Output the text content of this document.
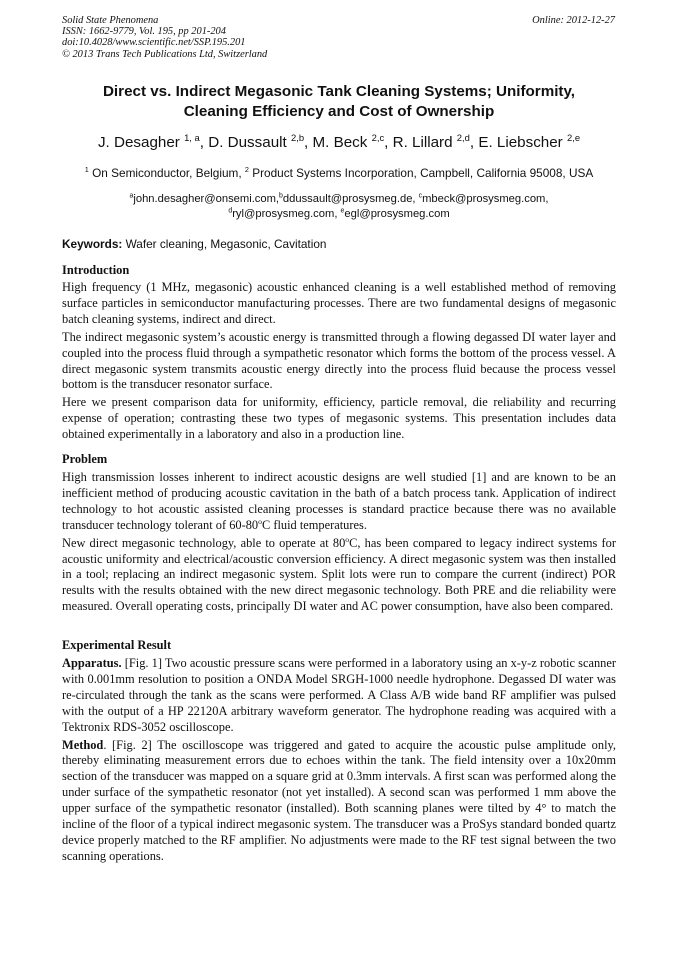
Solid State Phenomena
ISSN: 1662-9779, Vol. 195, pp 201-204
doi:10.4028/www.scientific.net/SSP.195.201
© 2013 Trans Tech Publications Ltd, Switzerland
Online: 2012-12-27
Direct vs. Indirect Megasonic Tank Cleaning Systems; Uniformity,
Cleaning Efficiency and Cost of Ownership
J. Desagher $^{1, a}$, D. Dussault $^{2,b}$, M. Beck $^{2,c}$, R. Lillard $^{2,d}$, E. Liebscher $^{2,e}$
$^1$ On Semiconductor, Belgium, $^2$ Product Systems Incorporation, Campbell, California 95008, USA
$^a$john.desagher@onsemi.com,$^b$ddussault@prosysmeg.de, $^c$mbeck@prosysmeg.com,
$^d$ryl@prosysmeg.com, $^e$egl@prosysmeg.com
Keywords: Wafer cleaning, Megasonic, Cavitation
Introduction

High frequency (1 MHz, megasonic) acoustic enhanced cleaning is a well established method of removing surface particles in semiconductor manufacturing processes. There are two fundamental designs of megasonic batch cleaning systems, indirect and direct.

The indirect megasonic system’s acoustic energy is transmitted through a flowing degassed DI water layer and coupled into the process fluid through a sympathetic resonator which forms the bottom of the process vessel. A direct megasonic system transmits acoustic energy directly into the process fluid because the process vessel bottom is the transducer resonator surface.

Here we present comparison data for uniformity, efficiency, particle removal, die reliability and recurring expense of operation; contrasting these two types of megasonic systems. This presentation includes data obtained experimentally in a laboratory and also in a production line.

Problem

High transmission losses inherent to indirect acoustic designs are well studied [1] and are known to be an inefficient method of producing acoustic cavitation in the bath of a batch process tank. Application of indirect technology to hot acoustic assisted cleaning processes is standard practice because there was no available transducer technology tolerant of 60-80$^o$C fluid temperatures.

New direct megasonic technology, able to operate at 80$^o$C, has been compared to legacy indirect systems for acoustic uniformity and electrical/acoustic conversion efficiency. A direct megasonic system was then installed in a tool; replacing an indirect megasonic system. Split lots were run to compare the current (indirect) POR results with the results obtained with the new direct megasonic technology. Both PRE and die reliability were measured. Overall operating costs, principally DI water and AC power consumption, have also been compared.

Experimental Result

Apparatus. [Fig. 1] Two acoustic pressure scans were performed in a laboratory using an x-y-z robotic scanner with 0.001mm resolution to position a ONDA Model SRGH-1000 needle hydrophone. Degassed DI water was re-circulated through the tank as the scans were performed. A Class A/B wide band RF amplifier was pulsed with the output of a HP 22120A arbitrary waveform generator. The hydrophone reading was acquired with a Tektronix RDS-3052 oscilloscope.

Method. [Fig. 2] The oscilloscope was triggered and gated to acquire the acoustic pulse amplitude only, thereby eliminating measurement errors due to echoes within the tank. The field intensity over a 10x20mm section of the transducer was mapped on a square grid at 0.3mm intervals. A first scan was performed along the under surface of the sympathetic resonator (not yet installed). A second scan was performed 1 mm above the upper surface of the sympathetic resonator (installed). Both scanning planes were tilted by 4° to match the incline of the floor of a typical indirect megasonic system. The transducer was a ProSys standard bonded quartz device properly matched to the RF amplifier. No adjustments were made to the RF test signal between the two scanning operations.
